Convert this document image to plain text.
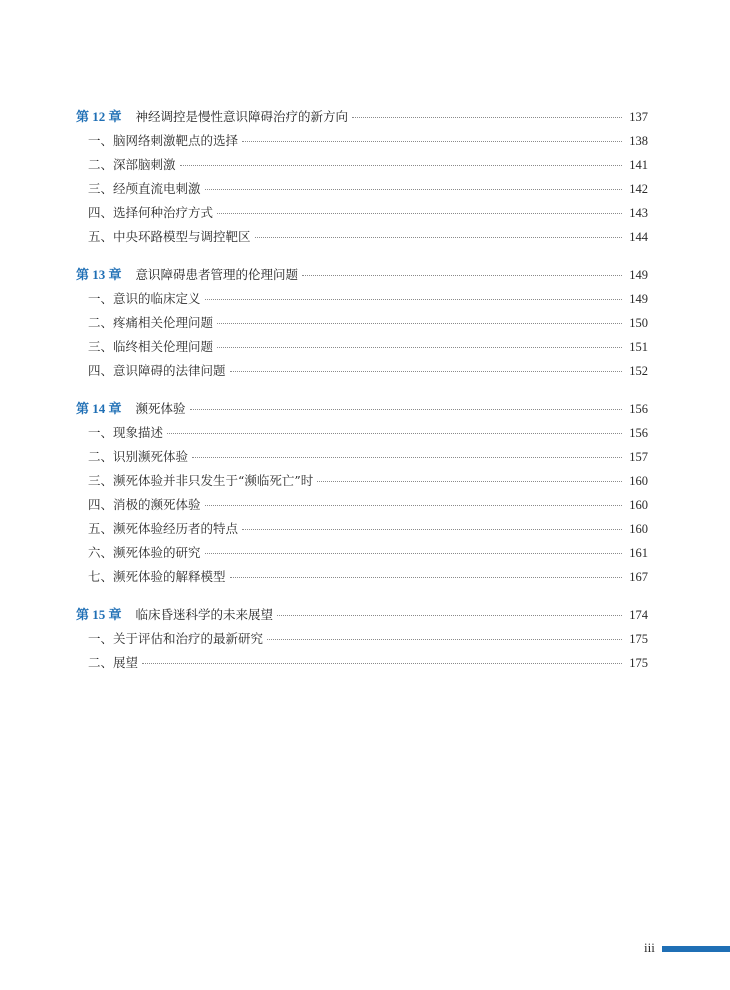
第 12 章 神经调控是慢性意识障碍治疗的新方向	137
一、脑网络刺激靶点的选择	138
二、深部脑刺激	141
三、经颅直流电刺激	142
四、选择何种治疗方式	143
五、中央环路模型与调控靶区	144
第 13 章 意识障碍患者管理的伦理问题	149
一、意识的临床定义	149
二、疼痛相关伦理问题	150
三、临终相关伦理问题	151
四、意识障碍的法律问题	152
第 14 章 濒死体验	156
一、现象描述	156
二、识别濒死体验	157
三、濒死体验并非只发生于“濒临死亡”时	160
四、消极的濒死体验	160
五、濒死体验经历者的特点	160
六、濒死体验的研究	161
七、濒死体验的解释模型	167
第 15 章 临床昏迷科学的未来展望	174
一、关于评估和治疗的最新研究	175
二、展望	175
iii
